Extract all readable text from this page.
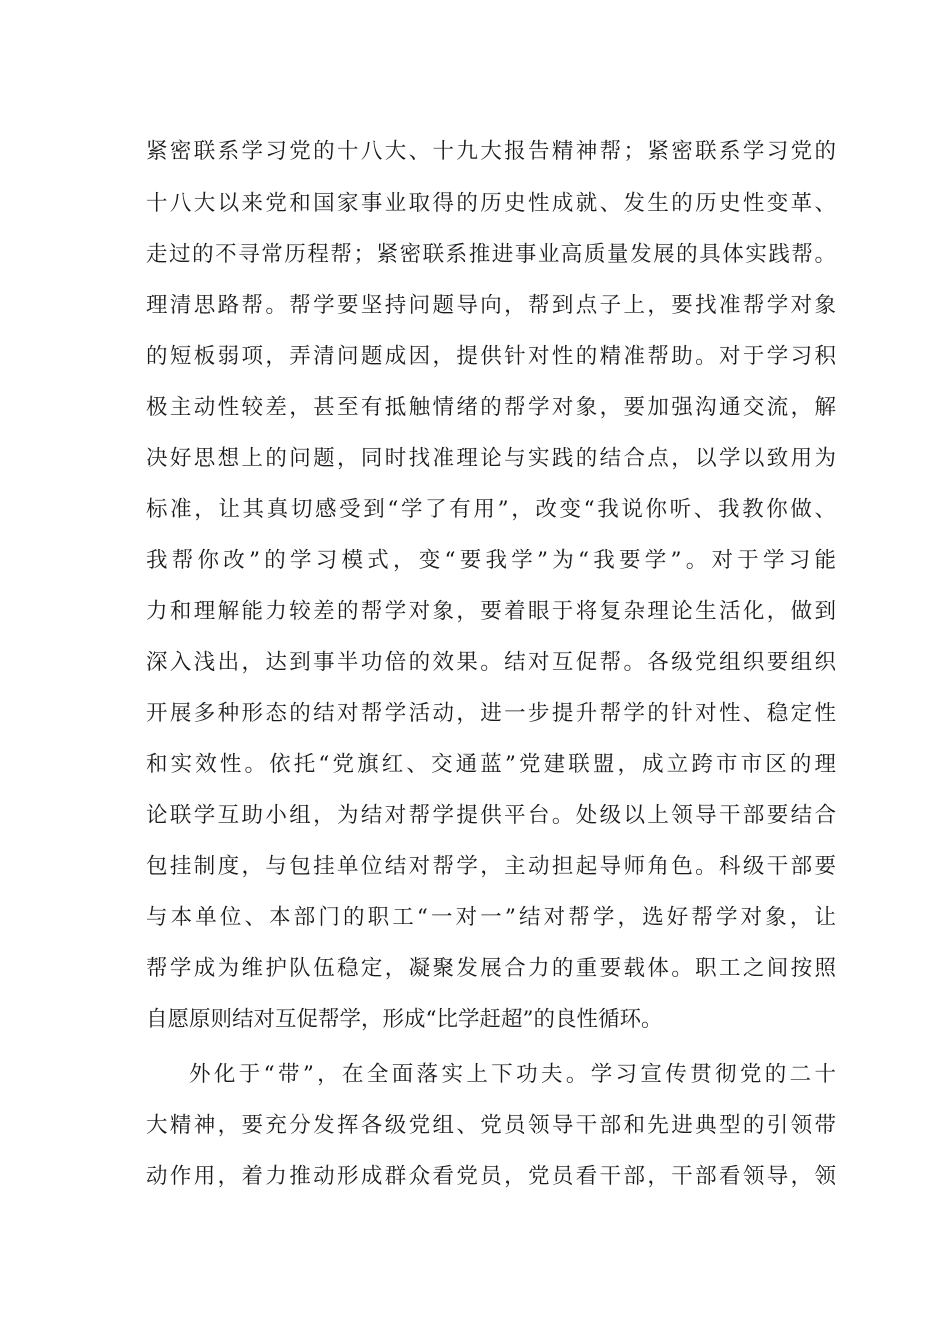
紧密联系学习党的十八大、十九大报告精神帮；紧密联系学习党的
十八大以来党和国家事业取得的历史性成就、发生的历史性变革、
走过的不寻常历程帮；紧密联系推进事业高质量发展的具体实践帮。
理清思路帮。帮学要坚持问题导向，帮到点子上，要找准帮学对象
的短板弱项，弄清问题成因，提供针对性的精准帮助。对于学习积
极主动性较差，甚至有抵触情绪的帮学对象，要加强沟通交流，解
决好思想上的问题，同时找准理论与实践的结合点，以学以致用为
标准，让其真切感受到“学了有用”，改变“我说你听、我教你做、
我帮你改”的学习模式，变“要我学”为“我要学”。对于学习能
力和理解能力较差的帮学对象，要着眼于将复杂理论生活化，做到
深入浅出，达到事半功倍的效果。结对互促帮。各级党组织要组织
开展多种形态的结对帮学活动，进一步提升帮学的针对性、稳定性
和实效性。依托“党旗红、交通蓝”党建联盟，成立跨市市区的理
论联学互助小组，为结对帮学提供平台。处级以上领导干部要结合
包挂制度，与包挂单位结对帮学，主动担起导师角色。科级干部要
与本单位、本部门的职工“一对一”结对帮学，选好帮学对象，让
帮学成为维护队伍稳定，凝聚发展合力的重要载体。职工之间按照
自愿原则结对互促帮学，形成“比学赶超”的良性循环。
外化于“带”，在全面落实上下功夫。学习宣传贯彻党的二十
大精神，要充分发挥各级党组、党员领导干部和先进典型的引领带
动作用，着力推动形成群众看党员，党员看干部，干部看领导，领
